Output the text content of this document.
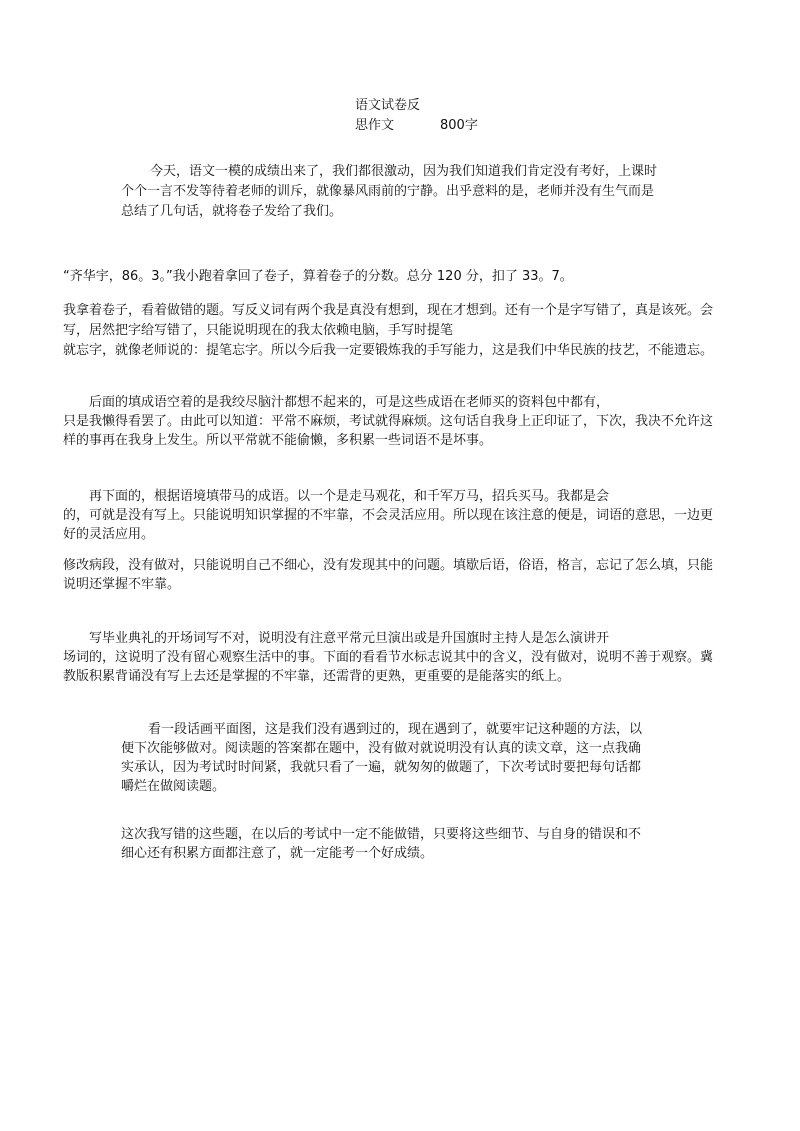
语文试卷反
思作文	800字
今天，语文一模的成绩出来了，我们都很激动，因为我们知道我们肯定没有考好，上课时
个个一言不发等待着老师的训斥，就像暴风雨前的宁静。出乎意料的是，老师并没有生气而是
总结了几句话，就将卷子发给了我们。
“齐华宇，86。3。”我小跑着拿回了卷子，算着卷子的分数。总分 120 分，扣了 33。7。
我拿着卷子，看着做错的题。写反义词有两个我是真没有想到，现在才想到。还有一个是字写错了，真是该死。会
写，居然把字给写错了，只能说明现在的我太依赖电脑，手写时提笔
就忘字，就像老师说的：提笔忘字。所以今后我一定要锻炼我的手写能力，这是我们中华民族的技艺，不能遗忘。
后面的填成语空着的是我绞尽脑汁都想不起来的，可是这些成语在老师买的资料包中都有，
只是我懒得看罢了。由此可以知道：平常不麻烦，考试就得麻烦。这句话自我身上正印证了，下次，我决不允许这
样的事再在我身上发生。所以平常就不能偷懒，多积累一些词语不是坏事。
再下面的，根据语境填带马的成语。以一个是走马观花，和千军万马，招兵买马。我都是会
的，可就是没有写上。只能说明知识掌握的不牢靠，不会灵活应用。所以现在该注意的便是，词语的意思，一边更
好的灵活应用。
修改病段，没有做对，只能说明自己不细心，没有发现其中的问题。填歇后语，俗语，格言，忘记了怎么填，只能
说明还掌握不牢靠。
写毕业典礼的开场词写不对，说明没有注意平常元旦演出或是升国旗时主持人是怎么演讲开
场词的，这说明了没有留心观察生活中的事。下面的看看节水标志说其中的含义，没有做对，说明不善于观察。冀
教版积累背诵没有写上去还是掌握的不牢靠，还需背的更熟，更重要的是能落实的纸上。
看一段话画平面图，这是我们没有遇到过的，现在遇到了，就要牢记这种题的方法，以
便下次能够做对。阅读题的答案都在题中，没有做对就说明没有认真的读文章，这一点我确
实承认，因为考试时时间紧，我就只看了一遍，就匆匆的做题了，下次考试时要把每句话都
嚼烂在做阅读题。
这次我写错的这些题，在以后的考试中一定不能做错，只要将这些细节、与自身的错误和不
细心还有积累方面都注意了，就一定能考一个好成绩。
